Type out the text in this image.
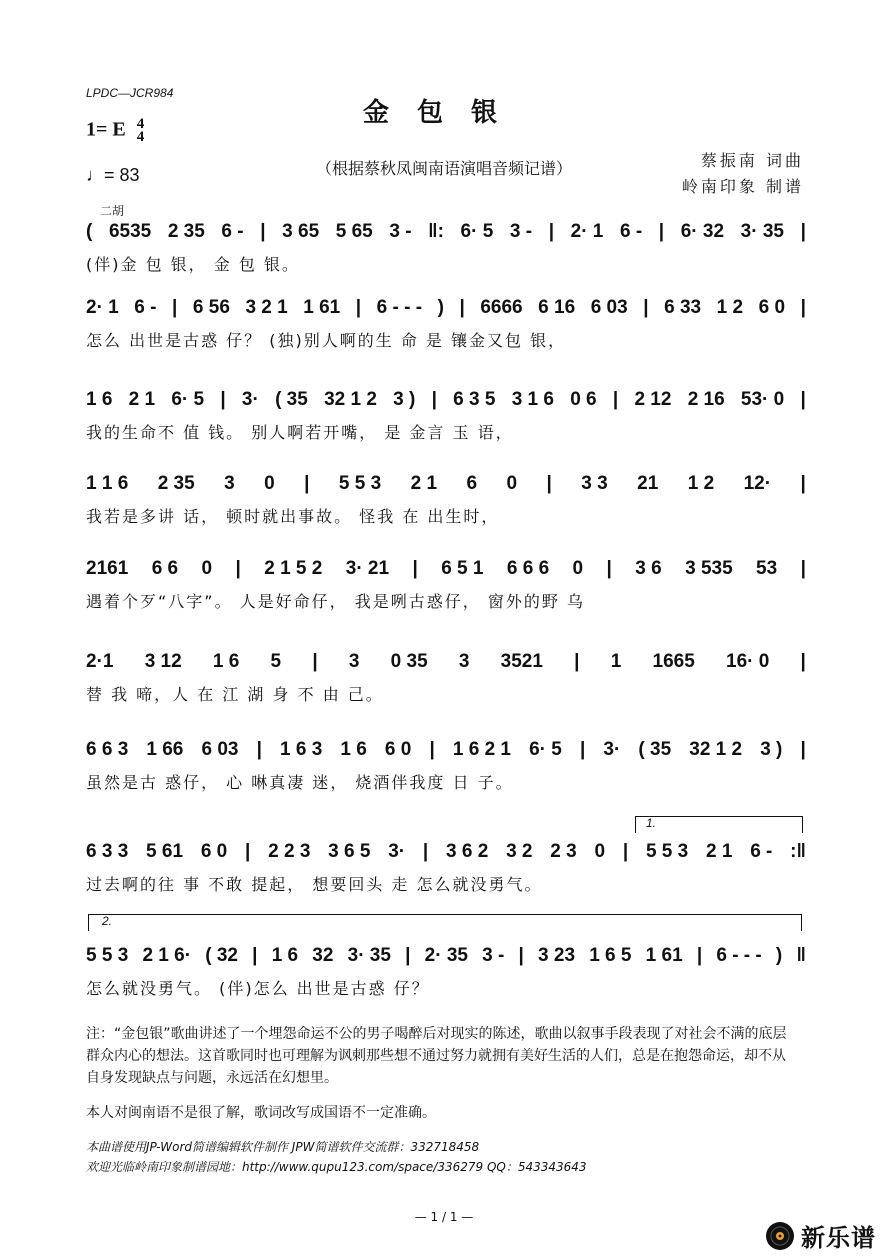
LPDC—JCR984
金包银
1= E 4
4
♩= 83	（根据蔡秋凤闽南语演唱音频记谱）	蔡振南 词曲
岭南印象 制谱
二胡
( 6535 2 35 6 - | 3 65 5 65 3 - ‖: 6· 5 3 - | 2· 1 6 - | 6· 32 3· 35 |
(伴)金 包 银， 金 包 银。
2· 1 6 - | 6 56 3 2 1 1 61 | 6 - - - ) | 6666 6 16 6 03 | 6 33 1 2 6 0 |
怎么 出世是古惑 仔？ (独)别人啊的生 命 是 镶金又包 银，
1 6 2 1 6· 5 | 3· ( 35 32 1 2 3 ) | 6 3 5 3 1 6 0 6 | 2 12 2 16 53· 0 |
我的生命不 值 钱。 别人啊若开嘴， 是 金言 玉 语，
1 1 6 2 35 3 0 | 5 5 3 2 1 6 0 | 3 3 21 1 2 12· |
我若是多讲 话， 顿时就出事故。 怪我 在 出生时，
2161 6 6 0 | 2 1 5 2 3· 21 | 6 5 1 6 6 6 0 | 3 6 3 535 53 |
遇着个歹“八字”。 人是好命仔， 我是咧古惑仔， 窗外的野 乌
2·1 3 12 1 6 5 | 3 0 35 3 3521 | 1 1665 16· 0 |
替 我 啼，人 在 江 湖 身 不 由 己。
6 6 3 1 66 6 03 | 1 6 3 1 6 6 0 | 1 6 2 1 6· 5 | 3· ( 35 32 1 2 3 ) |
虽然是古 惑仔， 心 啉真凄 迷， 烧酒伴我度 日 子。
6 3 3 5 61 6 0 | 2 2 3 3 6 5 3· | 3 6 2 3 2 2 3 0 | 5 5 3 2 1 6 - :‖
过去啊的往 事 不敢 提起， 想要回头 走 怎么就没勇气。
5 5 3 2 1 6· ( 32 | 1 6 32 3· 35 | 2· 35 3 - | 3 23 1 6 5 1 61 | 6 - - - ) ‖
怎么就没勇气。 (伴)怎么 出世是古惑 仔？
1.
2.
注：“金包银”歌曲讲述了一个埋怨命运不公的男子喝醉后对现实的陈述，歌曲以叙事手段表现了对社会不满的底层群众内心的想法。这首歌同时也可理解为讽刺那些想不通过努力就拥有美好生活的人们，总是在抱怨命运，却不从自身发现缺点与问题，永远活在幻想里。
本人对闽南语不是很了解，歌词改写成国语不一定准确。
本曲谱使用JP-Word简谱编辑软件制作 JPW简谱软件交流群：332718458
欢迎光临岭南印象制谱园地：http://www.qupu123.com/space/336279 QQ：543343643
— 1 / 1 —
新乐谱
